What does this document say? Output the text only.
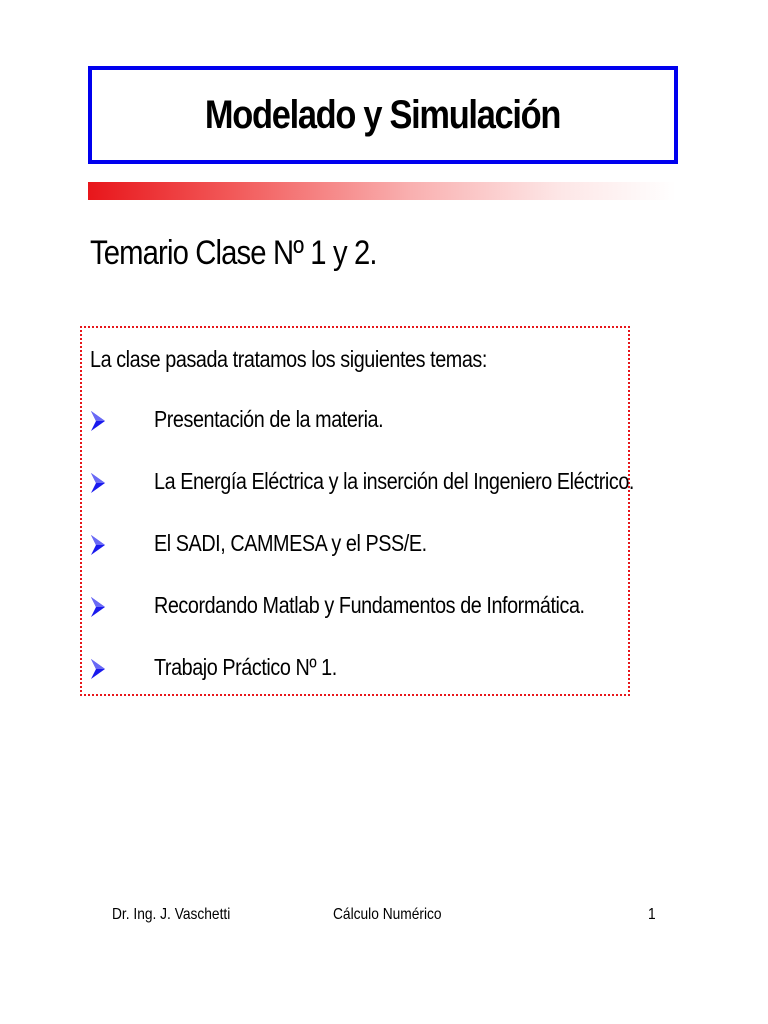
Modelado y Simulación
Temario Clase Nº 1 y 2.
La clase pasada tratamos los siguientes temas:
Presentación de la materia.
La Energía Eléctrica y la inserción del Ingeniero Eléctrico.
El SADI, CAMMESA y el PSS/E.
Recordando Matlab y Fundamentos de Informática.
Trabajo Práctico Nº 1.
Dr. Ing. J. Vaschetti	Cálculo Numérico	1
